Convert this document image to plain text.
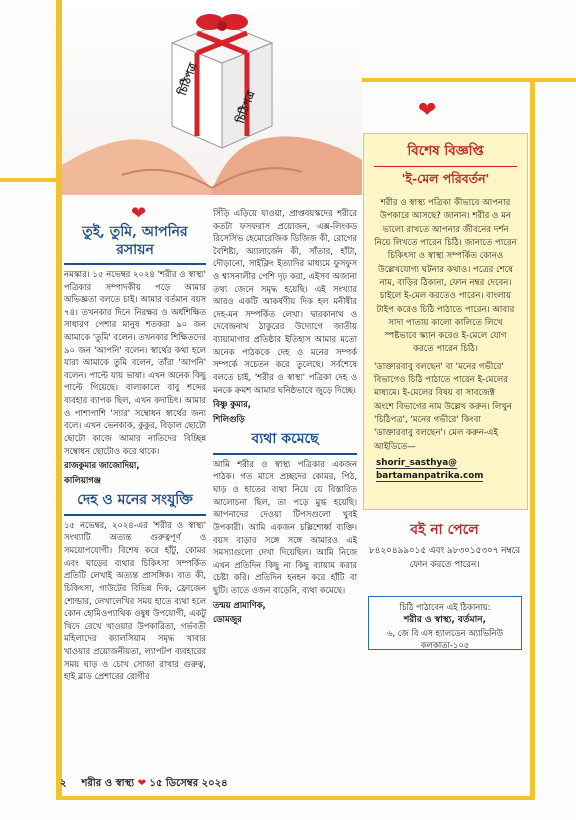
চিঠিপত্র
চিঠিপত্র
❤
❤
তুই, তুমি, আপনির রসায়ন

নমস্কার। ১৫ নভেম্বর ২০২৪ 'শরীর ও স্বাস্থ্য' পত্রিকার সম্পাদকীয় পড়ে আমার অভিজ্ঞতা বলতে চাই। আমার বর্তমান বয়স ৭৪। তখনকার দিনে নিরক্ষর ও অর্ধশিক্ষিত সাধারণ পেশার মানুষ শতকরা ৯০ জন আমাকে 'তুমি' বলেন। তখনকার শিক্ষিতদের ৯০ জন 'আপনি' বলেন। স্বার্থের কথা হলে যারা আমাকে তুমি বলেন, তাঁরা 'আপনি' বলেন। পাল্টে যায় ভাষা। এখন অনেক কিছু পাল্টে গিয়েছে। বাল্যকালে বাবু শব্দের ব্যবহার ব্যাপক ছিল, এখন কদাচিৎ। আমার ও পাশাপাশি 'স্যার' সম্বোধন স্বার্থের জন্য বলে। এখন ভেনকাক, কুকুর, বিড়াল ছোটো ছোটো কাজে আমার নাতিদের বিচ্ছিন্ন সম্বোধন ছোটোও করে থাকে।

রাজকুমার জাজোদিয়া,
কালিয়াগঞ্জ
দেহ ও মনের সংযুক্তি

১৫ নভেম্বর, ২০২৪-এর 'শরীর ও স্বাস্থ্য' সংখ্যাটি অত্যন্ত গুরুত্বপূর্ণ ও সময়োপযোগী। বিশেষ করে হাঁটু, কোমর এবং ঘাড়ের ব্যথার চিকিৎসা সম্পর্কিত প্রতিটি লেখাই অত্যন্ত প্রাসঙ্গিক। বাত কী, চিকিৎসা, গাউটের বিভিন্ন দিক, ফ্রোজেন শোল্ডার, লেখালেখির সময় হাতে ব্যথা হলে কোন হোমিওপ্যাথিক ওষুধ উপযোগী, একটু খিদে রেখে খাওয়ার উপকারিতা, গর্ভবতী মহিলাদের ক্যালসিয়াম সমৃদ্ধ খাবার খাওয়ার প্রয়োজনীয়তা, ল্যাপটপ ব্যবহারের সময় ঘাড় ও চোখ সোজা রাখার গুরুত্ব, হাই ব্লাড প্রেশারের রোগীর

সিঁড়ি এড়িয়ে যাওয়া, প্রাপ্তবয়স্কদের শরীরে কতটা ফসফরাস প্রয়োজন, এক্স-লিংকড রিসেসিভ হেমোরেজিক ডিজিজ কী, রোগের বৈশিষ্ট্য, অ্যালার্জেন কী, সাঁতার, হাঁটা, দৌড়ানো, সাইক্লিং ইত্যাদির মাধ্যমে ফুসফুস ও শ্বাসনালীর পেশি দৃঢ় করা, এইসব অজানা তথ্য জেনে সমৃদ্ধ হয়েছি। এই সংখ্যার আরও একটি আকর্ষণীয় দিক হল মনীষীর দেহ-মন সম্পর্কিত লেখা। দ্বারকানাথ ও দেবেন্দ্রনাথ ঠাকুরের উদ্যোগে জাতীয় ব্যায়ামাগার প্রতিষ্ঠার ইতিহাস আমার মতো অনেক পাঠককে দেহ ও মনের সম্পর্ক সম্পর্কে সচেতন করে তুলেছে। সর্বশেষে বলতে চাই, 'শরীর ও স্বাস্থ্য' পত্রিকা দেহ ও মনকে ক্রমশ আমার ঘনিষ্ঠভাবে জুড়ে দিচ্ছে।

বিষ্ণু কুমার,
শিলিগুড়ি
ব্যথা কমেছে

আমি শরীর ও স্বাস্থ্য পত্রিকার একজন পাঠক। গত মাসে প্রচ্ছদের কোমর, পিঠ, ঘাড় ও হাতের ব্যথা নিয়ে যে বিস্তারিত আলোচনা ছিল, তা পড়ে মুগ্ধ হয়েছি। আপনাদের দেওয়া টিপসগুলো খুবই উপকারী। আমি একজন চল্লিশোর্ধ্ব ব্যক্তি। বয়স বাড়ার সঙ্গে সঙ্গে আমারও এই সমস্যাগুলো দেখা দিয়েছিল। আমি নিজে এখন প্রতিদিন কিছু না কিছু ব্যায়াম করার চেষ্টা করি। প্রতিদিন হনহন করে হাঁটি বা ছুটি। তাতে ওজন বাড়েনি, ব্যথা কমেছে।

তন্ময় প্রামাণিক,
ডোমজুর
বিশেষ বিজ্ঞপ্তি
'ই-মেল পরিবর্তন'
শরীর ও স্বাস্থ্য পত্রিকা কীভাবে আপনার উপকারে আসছে? জানান। শরীর ও মন ভালো রাখতে আপনার জীবনের দর্শন নিয়ে লিখতে পারেন চিঠি। জানাতে পারেন চিকিৎসা ও স্বাস্থ্য সম্পর্কিত কোনও উল্লেখযোগ্য ঘটনার কথাও। পত্রের শেষে নাম, বাড়ির ঠিকানা, ফোন নম্বর দেবেন। চাইলে ই-মেল করতেও পারেন। বাংলায় টাইপ করেও চিঠি পাঠাতে পারেন। আবার সাদা পাতায় কালো কালিতে লিখে স্পষ্টভাবে স্ক্যান করেও ই-মেলে যোগ করতে পারেন চিঠি।
'ডাক্তারবাবু বলছেন' বা 'মনের গভীরে' বিভাগেও চিঠি পাঠাতে পারেন ই-মেলের মাধ্যমে। ই-মেলের বিষয় বা সাবজেক্ট অংশে বিভাগের নাম উল্লেখ করুন। লিখুন 'চিঠিপত্র', 'মনের গভীরে' কিংবা 'ডাক্তারবাবু বলছেন'। মেল করুন-এই আইডিতে—
shorir_sasthya@
bartamanpatrika.com
বই না পেলে
৮৪২০৪৯৯০১৫ এবং ৯৮৩০১৫৩০৭ নম্বরে ফোন করতে পারেন।
চিঠি পাঠাবেন এই ঠিকানায়:
শরীর ও স্বাস্থ্য, বর্তমান,
৬, জে বি এস হ্যালডেন অ্যাভিনিউ
কলকাতা-১০৫
২ শরীর ও স্বাস্থ্য ❤ ১৫ ডিসেম্বর ২০২৪
